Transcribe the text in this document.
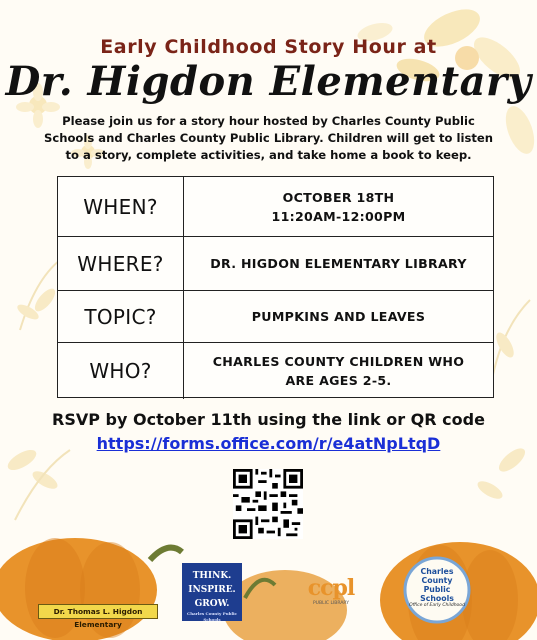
Early Childhood Story Hour at
Dr. Higdon Elementary
Please join us for a story hour hosted by Charles County Public Schools and Charles County Public Library. Children will get to listen to a story, complete activities, and take home a book to keep.
WHEN?	OCTOBER 18TH
11:20AM-12:00PM
WHERE?	DR. HIGDON ELEMENTARY LIBRARY
TOPIC?	PUMPKINS AND LEAVES
WHO?	CHARLES COUNTY CHILDREN WHO
ARE AGES 2-5.
RSVP by October 11th using the link or QR code
https://forms.office.com/r/e4atNpLtqD
Dr. Thomas L. Higdon Elementary
THINK.
INSPIRE.
GROW.
Charles County Public Schools
ccpl
PUBLIC LIBRARY
Charles County
Public Schools
Office of Early Childhood
